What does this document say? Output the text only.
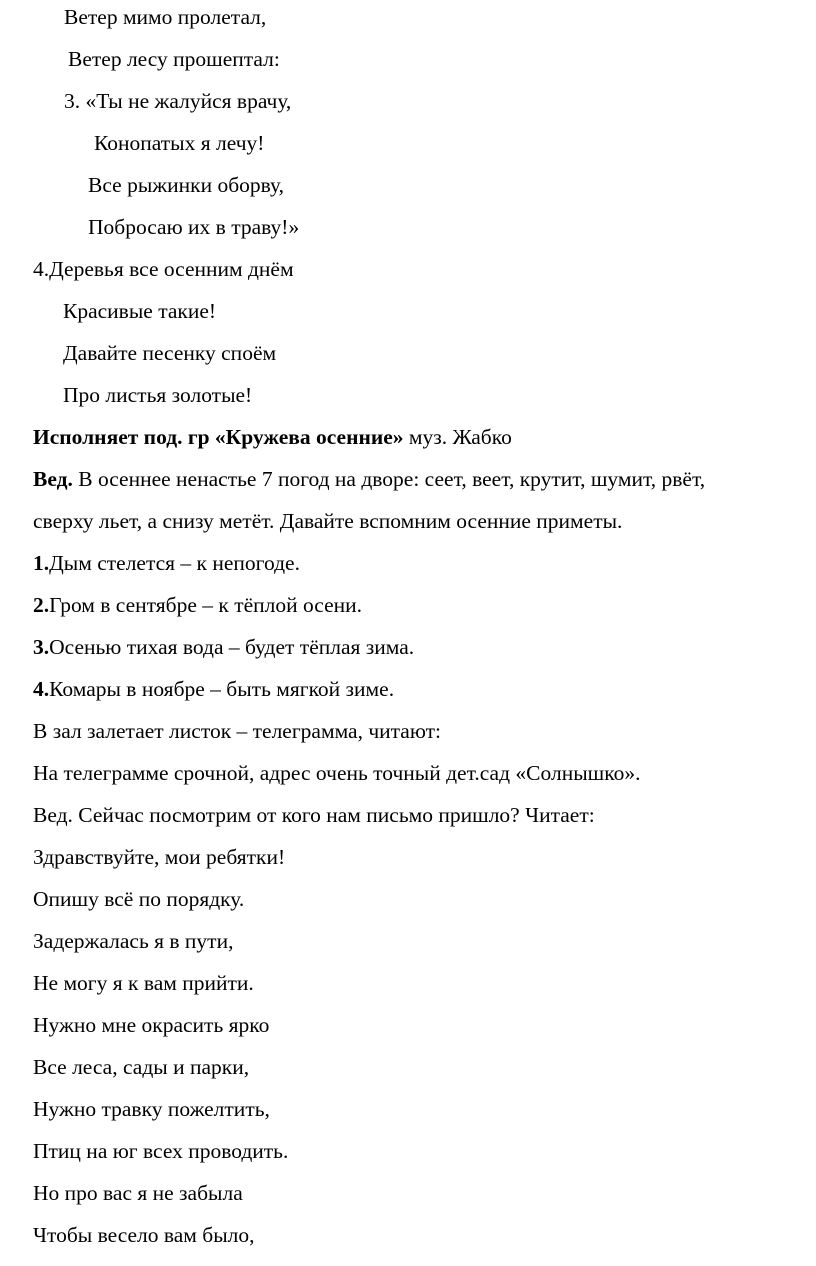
Ветер мимо пролетал,
Ветер лесу прошептал:
3. «Ты не жалуйся врачу,
Конопатых я лечу!
Все рыжинки оборву,
Побросаю их в траву!»
4.Деревья все осенним днём
Красивые такие!
Давайте песенку споём
Про листья золотые!
Исполняет под. гр «Кружева осенние» муз. Жабко
Вед. В осеннее ненастье 7 погод на дворе: сеет, веет, крутит, шумит, рвёт,
сверху льет, а снизу метёт. Давайте вспомним осенние приметы.
1.Дым стелется – к непогоде.
2.Гром в сентябре – к тёплой осени.
3.Осенью тихая вода – будет тёплая зима.
4.Комары в ноябре – быть мягкой зиме.
В зал залетает листок – телеграмма, читают:
На телеграмме срочной, адрес очень точный дет.сад «Солнышко».
Вед. Сейчас посмотрим от кого нам письмо пришло? Читает:
Здравствуйте, мои ребятки!
Опишу всё по порядку.
Задержалась я в пути,
Не могу я к вам прийти.
Нужно мне окрасить ярко
Все леса, сады и парки,
Нужно травку пожелтить,
Птиц на юг всех проводить.
Но про вас я не забыла
Чтобы весело вам было,
